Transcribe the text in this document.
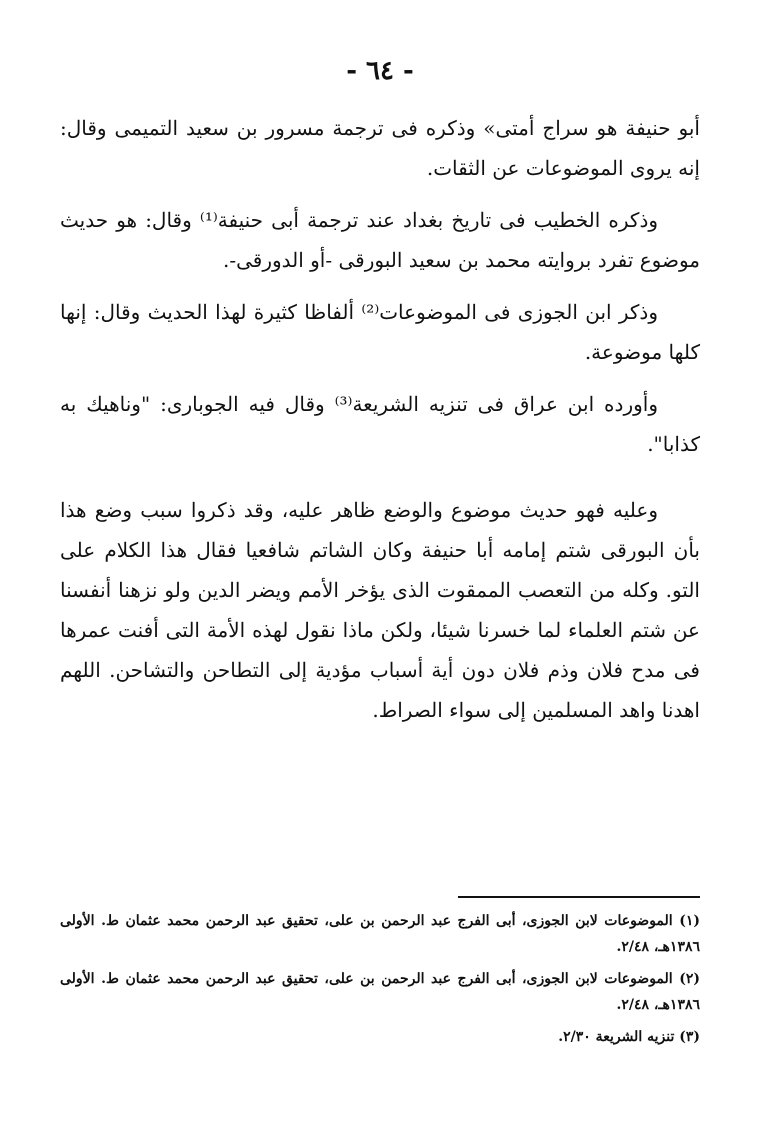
- ٦٤ -

أبو حنيفة هو سراج أمتى» وذكره فى ترجمة مسرور بن سعيد التميمى وقال: إنه يروى الموضوعات عن الثقات.

وذكره الخطيب فى تاريخ بغداد عند ترجمة أبى حنيفة⁽¹⁾ وقال: هو حديث موضوع تفرد بروايته محمد بن سعيد البورقى -أو الدورقى-.

وذكر ابن الجوزى فى الموضوعات⁽²⁾ ألفاظا كثيرة لهذا الحديث وقال: إنها كلها موضوعة.

وأورده ابن عراق فى تنزيه الشريعة⁽³⁾ وقال فيه الجوبارى: "وناهيك به كذابا".

وعليه فهو حديث موضوع والوضع ظاهر عليه، وقد ذكروا سبب وضع هذا بأن البورقى شتم إمامه أبا حنيفة وكان الشاتم شافعيا فقال هذا الكلام على التو. وكله من التعصب الممقوت الذى يؤخر الأمم ويضر الدين ولو نزهنا أنفسنا عن شتم العلماء لما خسرنا شيئا، ولكن ماذا نقول لهذه الأمة التى أفنت عمرها فى مدح فلان وذم فلان دون أية أسباب مؤدية إلى التطاحن والتشاحن. اللهم اهدنا واهد المسلمين إلى سواء الصراط.

(١) الموضوعات لابن الجوزى، أبى الفرج عبد الرحمن بن على، تحقيق عبد الرحمن محمد عثمان ط. الأولى ١٣٨٦هـ، ٢/٤٨.

(٢) الموضوعات لابن الجوزى، أبى الفرج عبد الرحمن بن على، تحقيق عبد الرحمن محمد عثمان ط. الأولى ١٣٨٦هـ، ٢/٤٨.

(٣) تنزيه الشريعة ٢/٣٠.
